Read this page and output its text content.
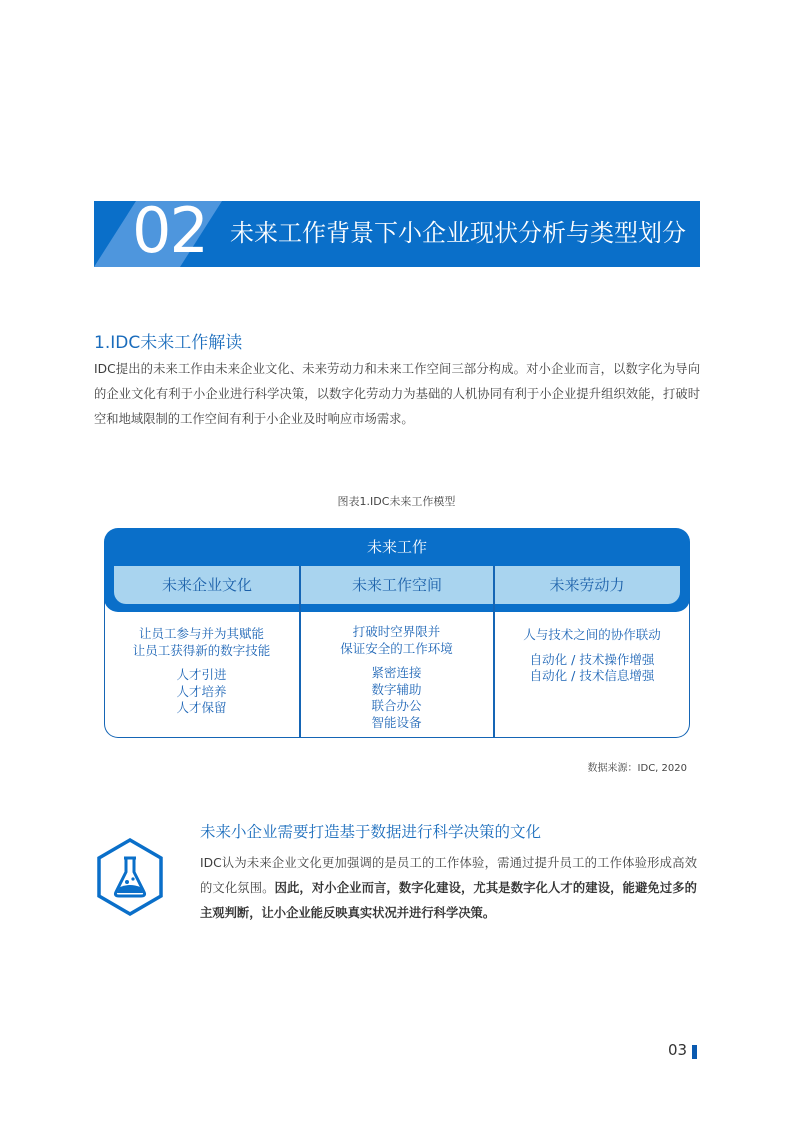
02 未来工作背景下小企业现状分析与类型划分
1.IDC未来工作解读
IDC提出的未来工作由未来企业文化、未来劳动力和未来工作空间三部分构成。对小企业而言，以数字化为导向的企业文化有利于小企业进行科学决策，以数字化劳动力为基础的人机协同有利于小企业提升组织效能，打破时空和地域限制的工作空间有利于小企业及时响应市场需求。
图表1.IDC未来工作模型
未来工作
未来企业文化	未来工作空间	未来劳动力
让员工参与并为其赋能
让员工获得新的数字技能
人才引进
人才培养
人才保留
打破时空界限并
保证安全的工作环境
紧密连接
数字辅助
联合办公
智能设备
人与技术之间的协作联动
自动化 / 技术操作增强
自动化 / 技术信息增强
数据来源：IDC, 2020
未来小企业需要打造基于数据进行科学决策的文化
IDC认为未来企业文化更加强调的是员工的工作体验，需通过提升员工的工作体验形成高效的文化氛围。因此，对小企业而言，数字化建设，尤其是数字化人才的建设，能避免过多的主观判断，让小企业能反映真实状况并进行科学决策。
03
